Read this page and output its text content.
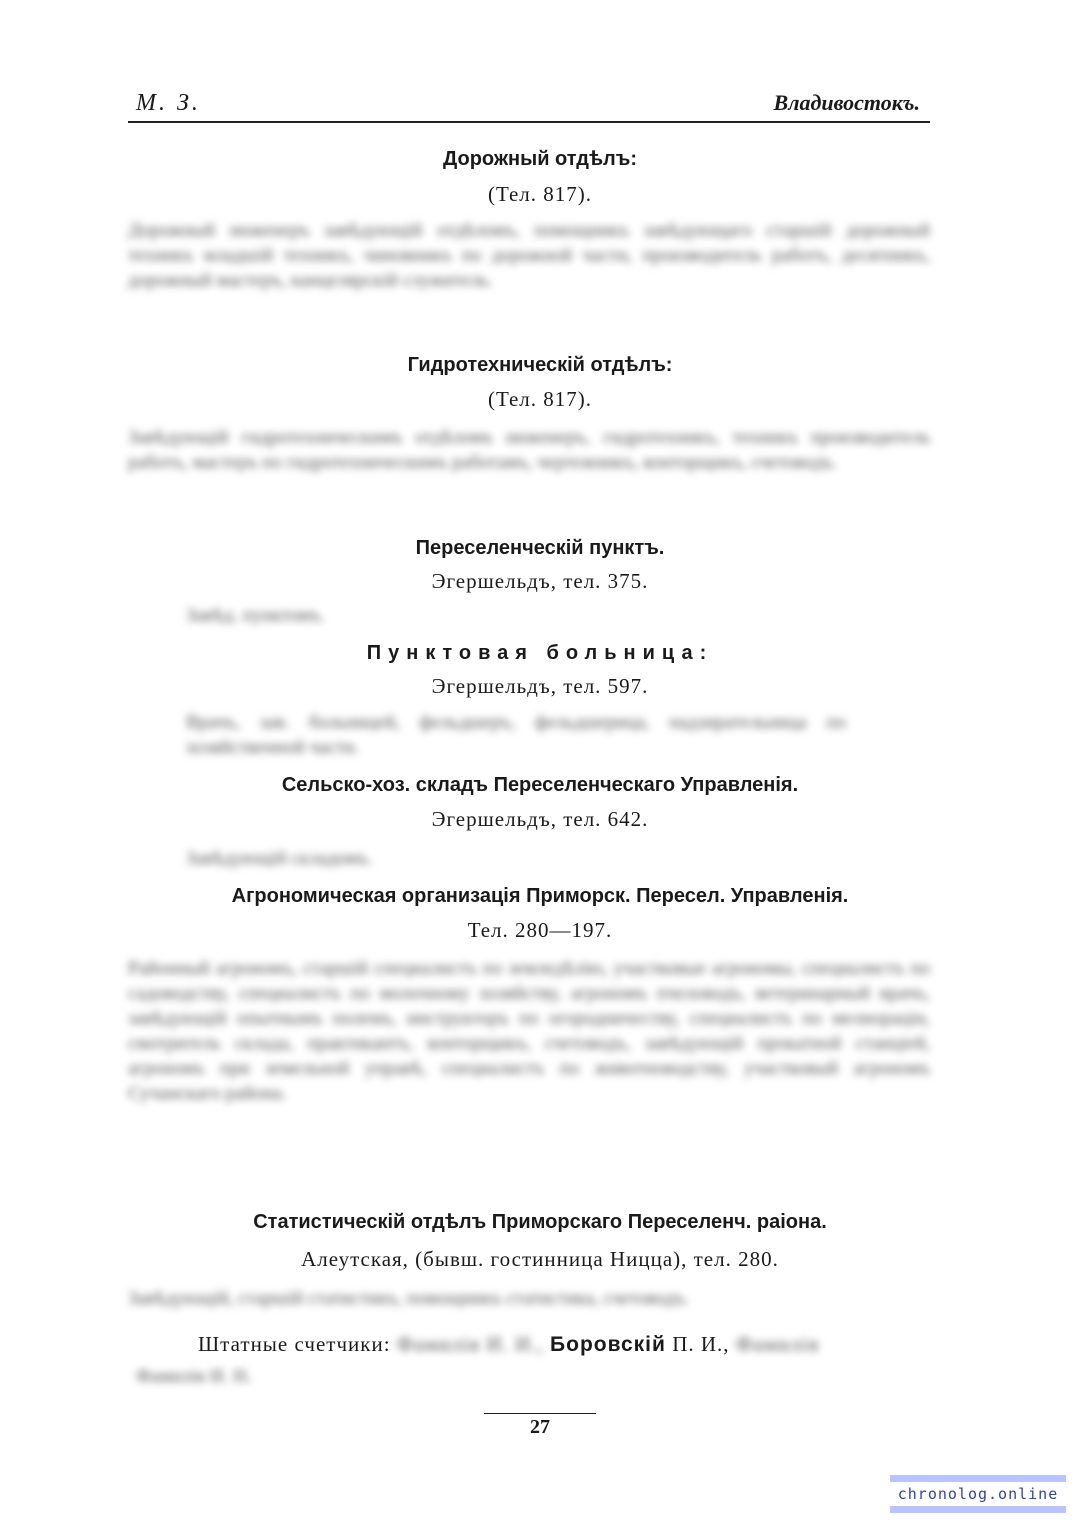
М. З.	Владивостокъ.
Дорожный отдѣлъ:
(Тел. 817).
Дорожный инженеръ завѣдующій отдѣломъ, помощникъ завѣдующаго старшій дорожный техникъ младшій техникъ, чиновникъ по дорожной части, производитель работъ, десятникъ, дорожный мастеръ, канцелярскій служитель.
Гидротехническій отдѣлъ:
(Тел. 817).
Завѣдующій гидротехническимъ отдѣломъ инженеръ, гидротехникъ, техникъ производитель работъ, мастеръ по гидротехническимъ работамъ, чертежникъ, конторщикъ, счетоводъ.
Переселенческій пунктъ.
Эгершельдъ, тел. 375.
Завѣд. пунктомъ.
Пунктовая больница:
Эгершельдъ, тел. 597.
Врачъ, зав. больницей, фельдшеръ, фельдшерица, надзирательница по хозяйственной части.
Сельско-хоз. складъ Переселенческаго Управленія.
Эгершельдъ, тел. 642.
Завѣдующій складомъ.
Агрономическая организація Приморск. Пересел. Управленія.
Тел. 280—197.
Районный агрономъ, старшій специалистъ по земледѣлію, участковые агрономы, специалистъ по садоводству, специалистъ по молочному хозяйству, агрономъ пчеловодъ, ветеринарный врачъ, завѣдующій опытнымъ полемъ, инструкторъ по огородничеству, специалистъ по мелиораціи, смотритель склада, практикантъ, конторщикъ, счетоводъ, завѣдующій прокатной станціей, агрономъ при земельной управѣ, специалистъ по животноводству, участковый агрономъ Сучанскаго района.
Статистическій отдѣлъ Приморскаго Переселенч. раіона.
Алеутская, (бывш. гостинница Ницца), тел. 280.
Завѣдующій, старшій статистикъ, помощникъ статистика, счетоводъ.
Штатные счетчики: Фамилія И. И., Боровскій П. И., Фамилія
Фамилія И. Н.
27
chronolog.online
